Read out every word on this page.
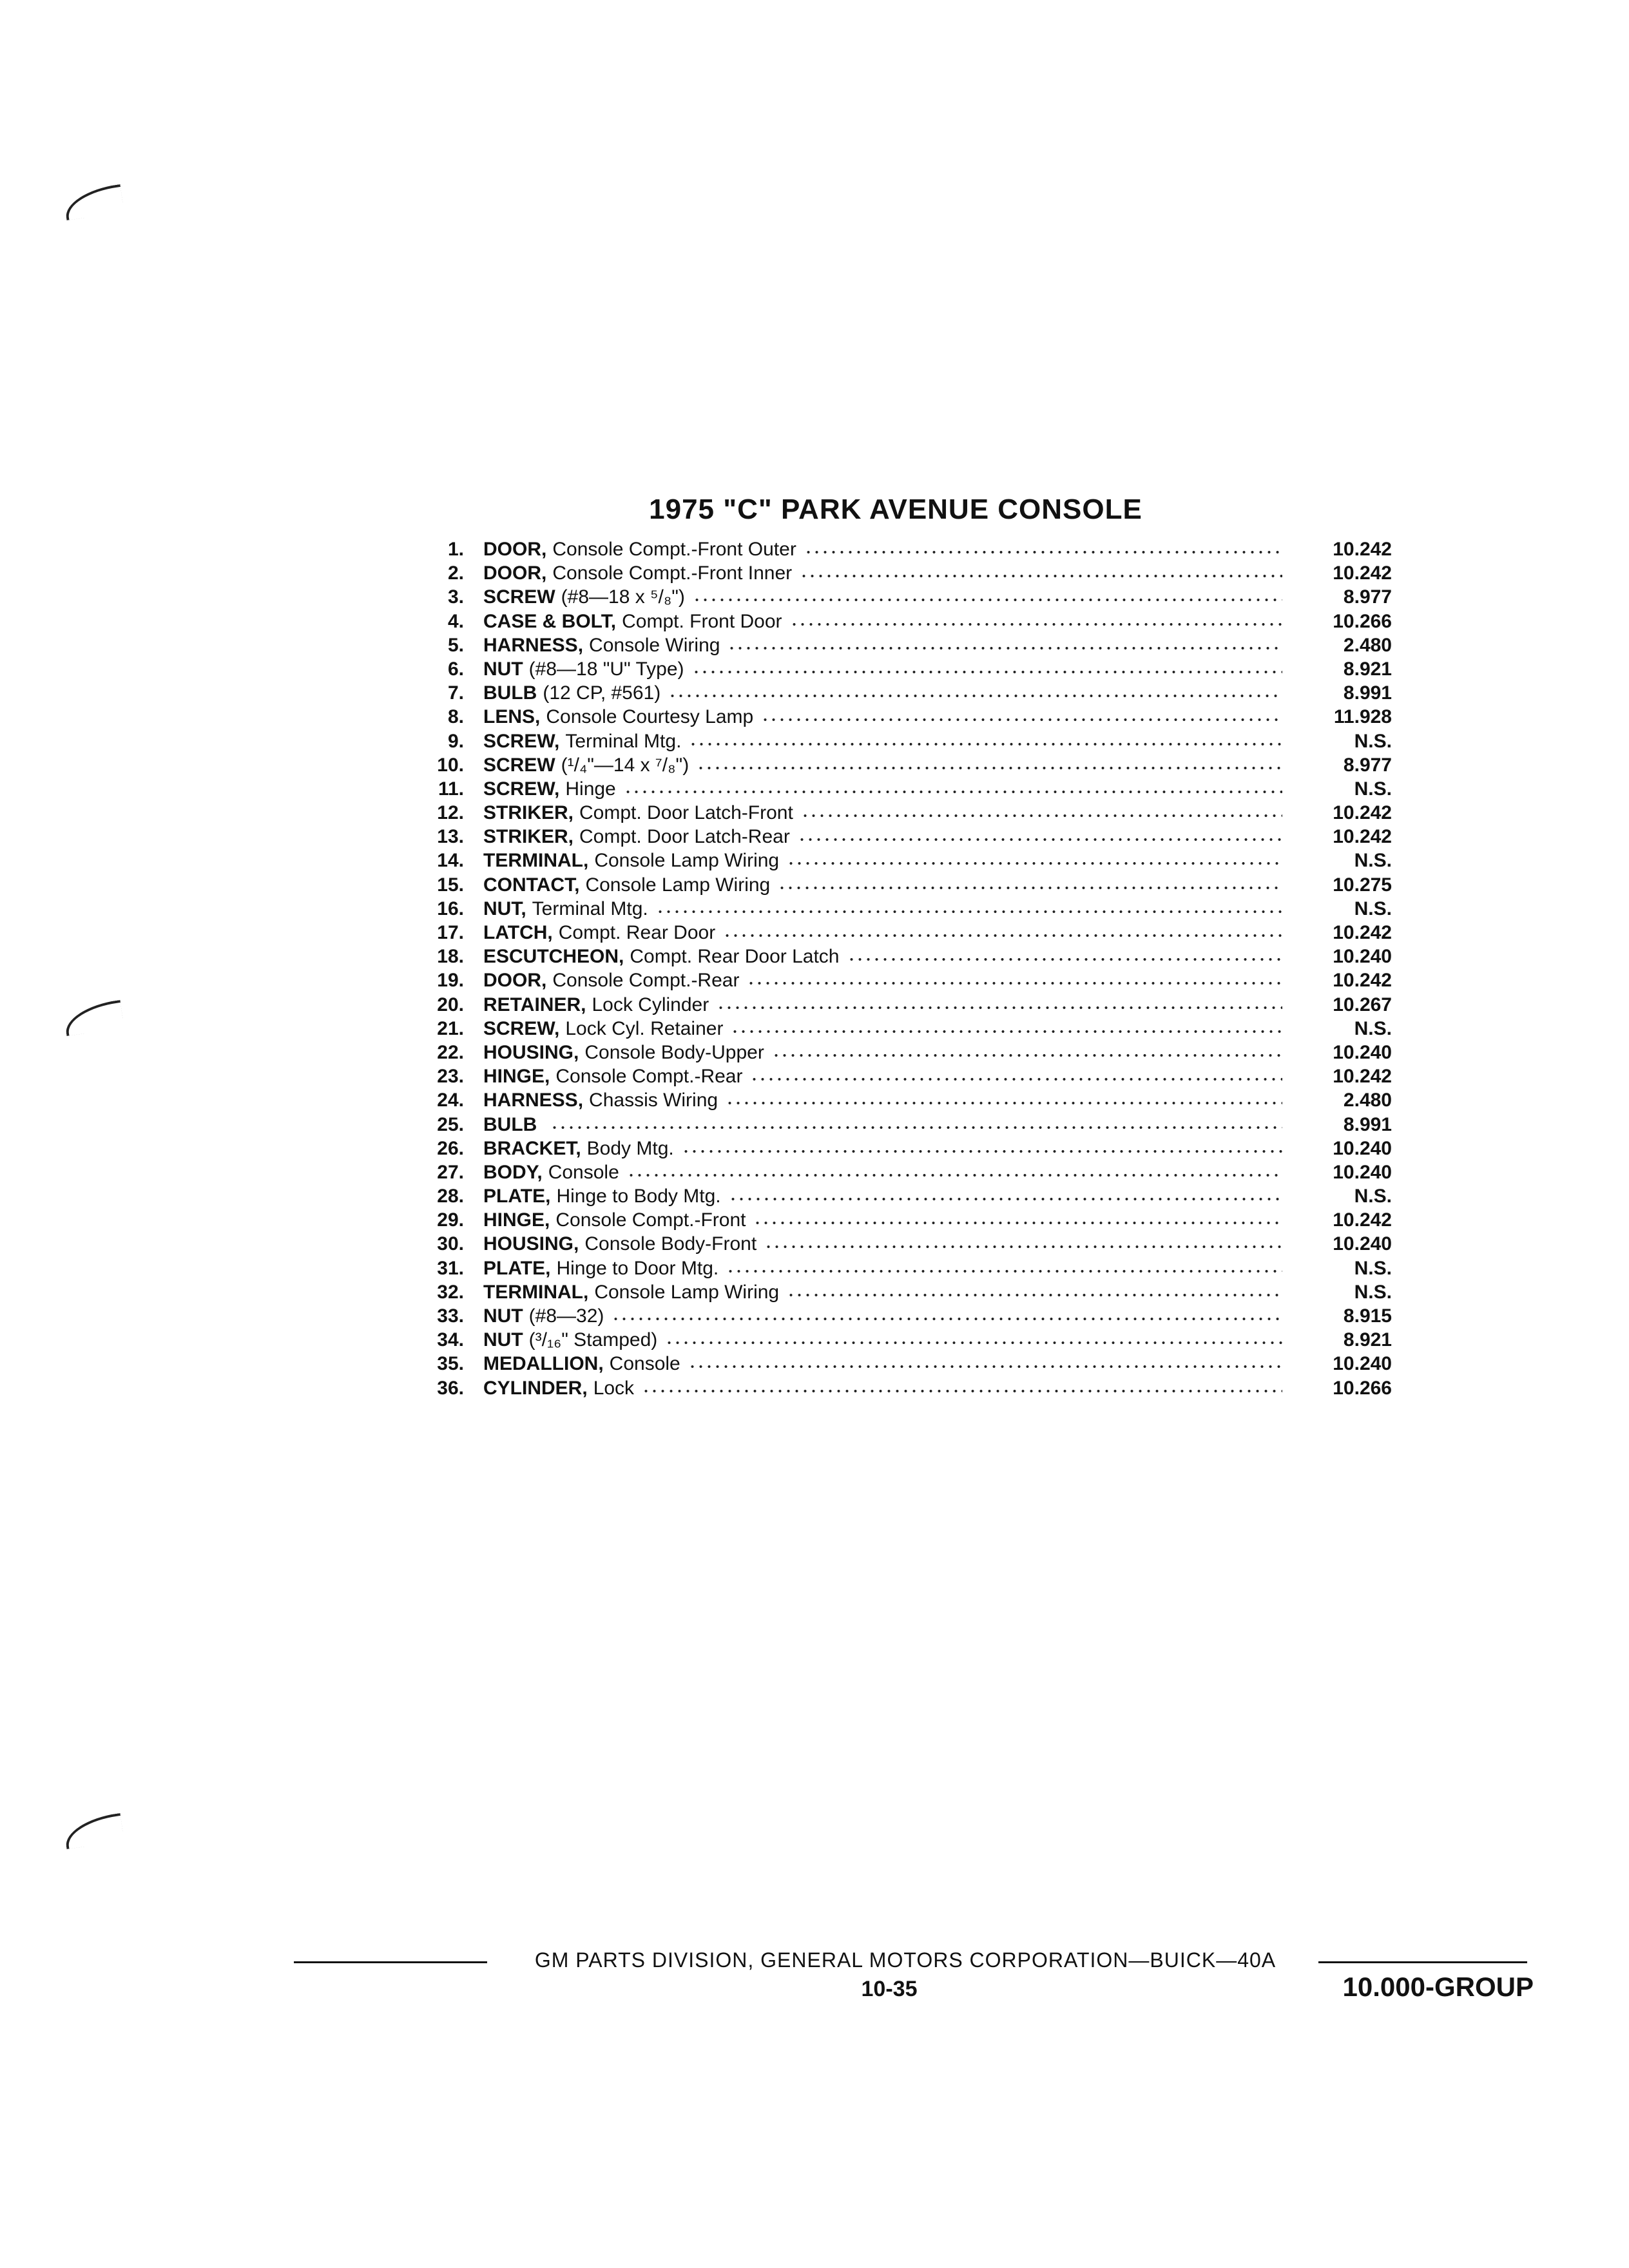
1975 "C" PARK AVENUE CONSOLE
1. DOOR, Console Compt.-Front Outer	10.242
2. DOOR, Console Compt.-Front Inner	10.242
3. SCREW (#8—18 x ⁵/₈")	8.977
4. CASE & BOLT, Compt. Front Door	10.266
5. HARNESS, Console Wiring	2.480
6. NUT (#8—18 "U" Type)	8.921
7. BULB (12 CP, #561)	8.991
8. LENS, Console Courtesy Lamp	11.928
9. SCREW, Terminal Mtg.	N.S.
10. SCREW (¹/₄"—14 x ⁷/₈")	8.977
11. SCREW, Hinge	N.S.
12. STRIKER, Compt. Door Latch-Front	10.242
13. STRIKER, Compt. Door Latch-Rear	10.242
14. TERMINAL, Console Lamp Wiring	N.S.
15. CONTACT, Console Lamp Wiring	10.275
16. NUT, Terminal Mtg.	N.S.
17. LATCH, Compt. Rear Door	10.242
18. ESCUTCHEON, Compt. Rear Door Latch	10.240
19. DOOR, Console Compt.-Rear	10.242
20. RETAINER, Lock Cylinder	10.267
21. SCREW, Lock Cyl. Retainer	N.S.
22. HOUSING, Console Body-Upper	10.240
23. HINGE, Console Compt.-Rear	10.242
24. HARNESS, Chassis Wiring	2.480
25. BULB	8.991
26. BRACKET, Body Mtg.	10.240
27. BODY, Console	10.240
28. PLATE, Hinge to Body Mtg.	N.S.
29. HINGE, Console Compt.-Front	10.242
30. HOUSING, Console Body-Front	10.240
31. PLATE, Hinge to Door Mtg.	N.S.
32. TERMINAL, Console Lamp Wiring	N.S.
33. NUT (#8—32)	8.915
34. NUT (³/₁₆" Stamped)	8.921
35. MEDALLION, Console	10.240
36. CYLINDER, Lock	10.266
GM PARTS DIVISION, GENERAL MOTORS CORPORATION—BUICK—40A
10-35	10.000-GROUP
